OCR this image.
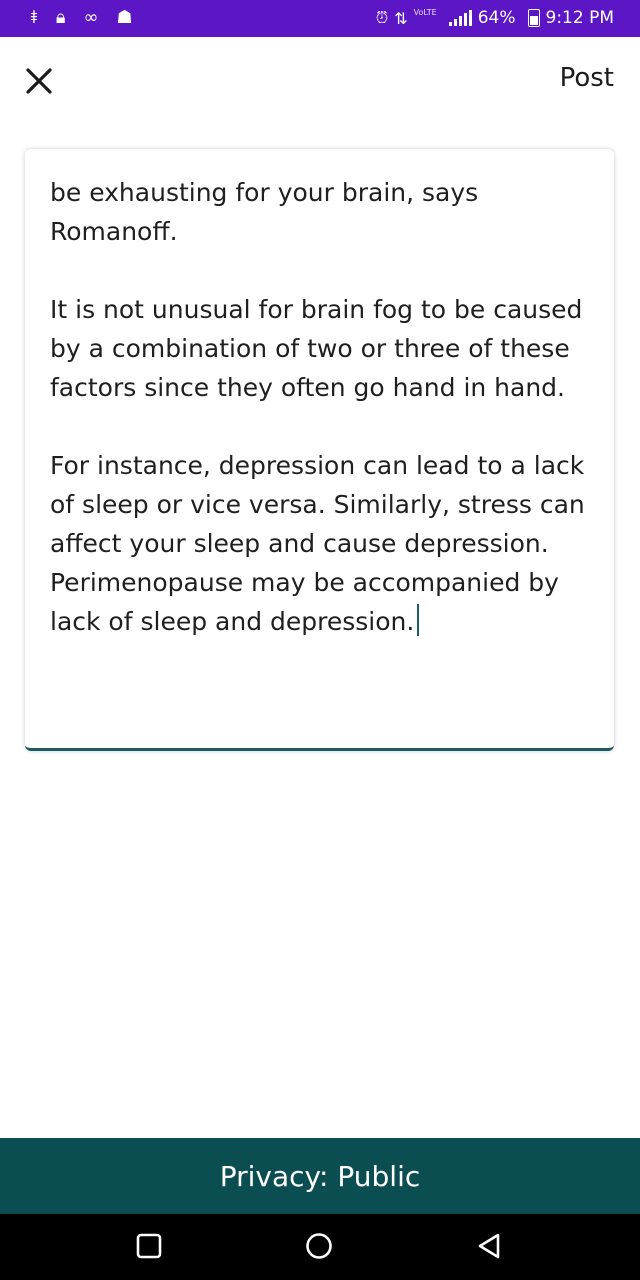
⯒ 🔒︎ ∞ ☗	⏰︎ ⇅ VoLTE 64% 9:12 PM
Post

be exhausting for your brain, says Romanoff.

It is not unusual for brain fog to be caused by a combination of two or three of these factors since they often go hand in hand.

For instance, depression can lead to a lack of sleep or vice versa. Similarly, stress can affect your sleep and cause depression. Perimenopause may be accompanied by lack of sleep and depression.

Privacy: Public
